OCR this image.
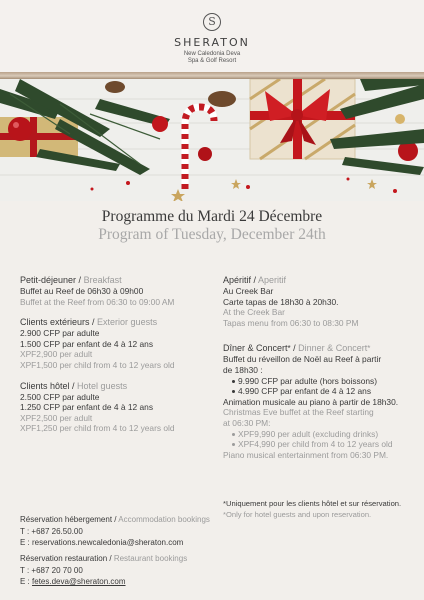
S
SHERATON
New Caledonia Deva
Spa & Golf Resort
Programme du Mardi 24 Décembre
Program of Tuesday, December 24th
Petit-déjeuner / Breakfast
Buffet au Reef de 06h30 à 09h00
Buffet at the Reef from 06:30 to 09:00 AM
Clients extérieurs / Exterior guests
2.900 CFP par adulte
1.500 CFP par enfant de 4 à 12 ans
XPF2,900 per adult
XPF1,500 per child from 4 to 12 years old
Clients hôtel / Hotel guests
2.500 CFP par adulte
1.250 CFP par enfant de 4 à 12 ans
XPF2,500 per adult
XPF1,250 per child from 4 to 12 years old
Apéritif / Aperitif
Au Creek Bar
Carte tapas de 18h30 à 20h30.
At the Creek Bar
Tapas menu from 06:30 to 08:30 PM
Dîner & Concert* / Dinner & Concert*
Buffet du réveillon de Noël au Reef à partir
de 18h30 :
9.990 CFP par adulte (hors boissons)
4.990 CFP par enfant de 4 à 12 ans
Animation musicale au piano à partir de 18h30.
Christmas Eve buffet at the Reef starting
at 06:30 PM:
XPF9,990 per adult (excluding drinks)
XPF4,990 per child from 4 to 12 years old
Piano musical entertainment from 06:30 PM.
*Uniquement pour les clients hôtel et sur réservation.
*Only for hotel guests and upon reservation.
Réservation hébergement / Accommodation bookings
T : +687 26.50.00
E : reservations.newcaledonia@sheraton.com
Réservation restauration / Restaurant bookings
T : +687 20 70 00
E : fetes.deva@sheraton.com
